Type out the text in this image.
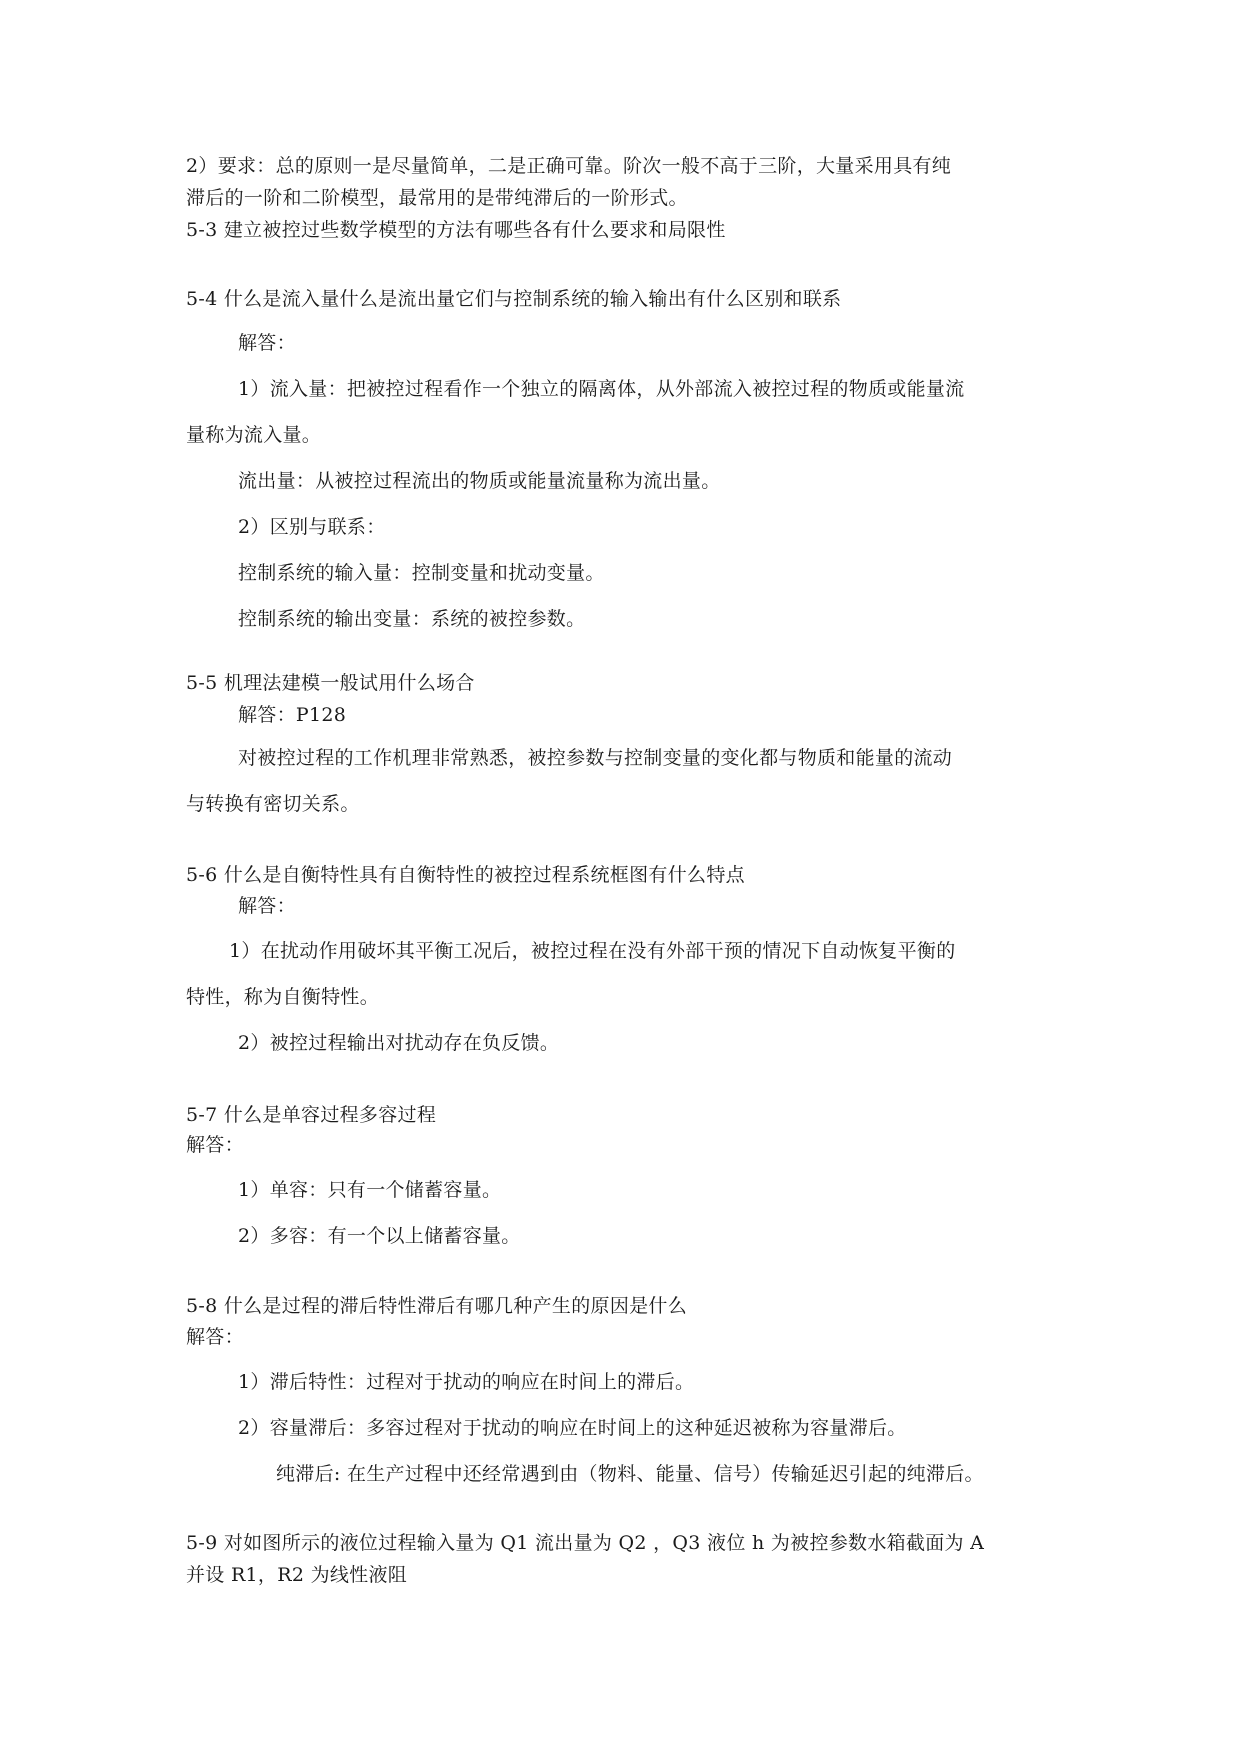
2）要求：总的原则一是尽量简单，二是正确可靠。阶次一般不高于三阶，大量采用具有纯
滞后的一阶和二阶模型，最常用的是带纯滞后的一阶形式。
5-3 建立被控过些数学模型的方法有哪些各有什么要求和局限性
5-4 什么是流入量什么是流出量它们与控制系统的输入输出有什么区别和联系
解答：
1）流入量：把被控过程看作一个独立的隔离体，从外部流入被控过程的物质或能量流
量称为流入量。
流出量：从被控过程流出的物质或能量流量称为流出量。
2）区别与联系：
控制系统的输入量：控制变量和扰动变量。
控制系统的输出变量：系统的被控参数。
5-5 机理法建模一般试用什么场合
解答：P128
对被控过程的工作机理非常熟悉，被控参数与控制变量的变化都与物质和能量的流动
与转换有密切关系。
5-6 什么是自衡特性具有自衡特性的被控过程系统框图有什么特点
解答：
1）在扰动作用破坏其平衡工况后，被控过程在没有外部干预的情况下自动恢复平衡的
特性，称为自衡特性。
2）被控过程输出对扰动存在负反馈。
5-7 什么是单容过程多容过程
解答：
1）单容：只有一个储蓄容量。
2）多容：有一个以上储蓄容量。
5-8 什么是过程的滞后特性滞后有哪几种产生的原因是什么
解答：
1）滞后特性：过程对于扰动的响应在时间上的滞后。
2）容量滞后：多容过程对于扰动的响应在时间上的这种延迟被称为容量滞后。
纯滞后: 在生产过程中还经常遇到由（物料、能量、信号）传输延迟引起的纯滞后。
5-9 对如图所示的液位过程输入量为 Q1 流出量为 Q2 ，Q3 液位 h 为被控参数水箱截面为 A
并设 R1，R2 为线性液阻
